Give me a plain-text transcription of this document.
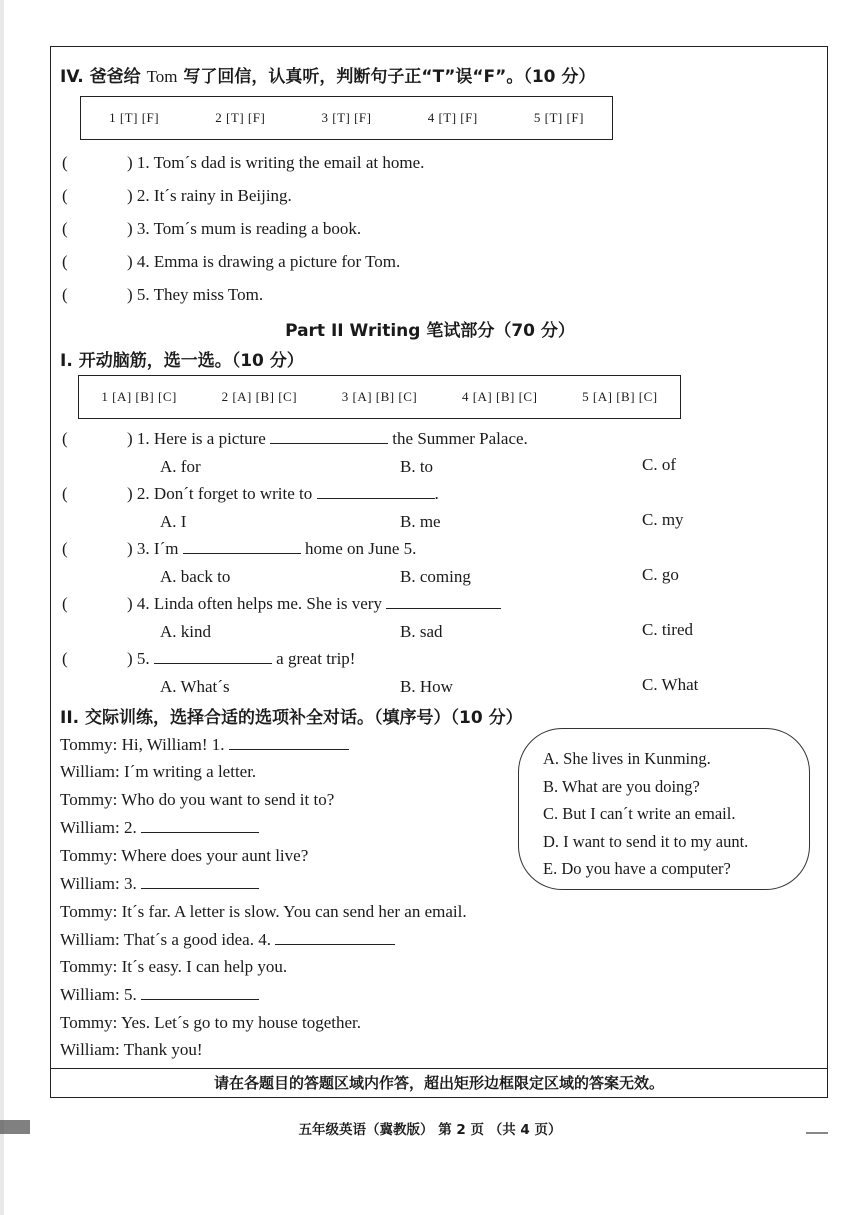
IV. 爸爸给 Tom 写了回信，认真听，判断句子正“T”误“F”。（10 分）
1 [T] [F]	2 [T] [F]	3 [T] [F]	4 [T] [F]	5 [T] [F]
(	) 1. Tom´s dad is writing the email at home.
(	) 2. It´s rainy in Beijing.
(	) 3. Tom´s mum is reading a book.
(	) 4. Emma is drawing a picture for Tom.
(	) 5. They miss Tom.
Part II Writing 笔试部分（70 分）
I. 开动脑筋，选一选。（10 分）
1 [A] [B] [C]	2 [A] [B] [C]	3 [A] [B] [C]	4 [A] [B] [C]	5 [A] [B] [C]
(	) 1. Here is a picture	the Summer Palace.
A. for	B. to	C. of
(	) 2. Don´t forget to write to	.
A. I	B. me	C. my
(	) 3. I´m	home on June 5.
A. back to	B. coming	C. go
(	) 4. Linda often helps me. She is very
A. kind	B. sad	C. tired
(	) 5.	a great trip!
A. What´s	B. How	C. What
II. 交际训练，选择合适的选项补全对话。（填序号）（10 分）
Tommy: Hi, William! 1.
William: I´m writing a letter.
Tommy: Who do you want to send it to?
William: 2.
Tommy: Where does your aunt live?
William: 3.
Tommy: It´s far. A letter is slow. You can send her an email.
William: That´s a good idea. 4.
Tommy: It´s easy. I can help you.
William: 5.
Tommy: Yes. Let´s go to my house together.
William: Thank you!
A. She lives in Kunming.
B. What are you doing?
C. But I can´t write an email.
D. I want to send it to my aunt.
E. Do you have a computer?
请在各题目的答题区域内作答，超出矩形边框限定区域的答案无效。
五年级英语（冀教版） 第 2 页 （共 4 页）
